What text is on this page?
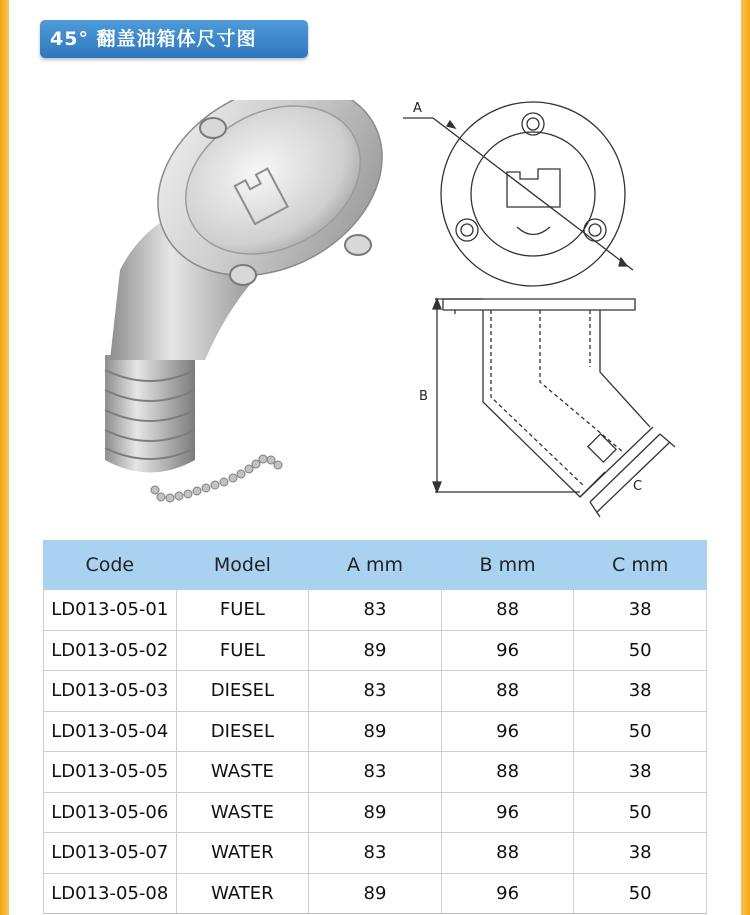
45° 翻盖油箱体尺寸图
A
B
C
Code	Model	A mm	B mm	C mm
LD013-05-01	FUEL	83	88	38
LD013-05-02	FUEL	89	96	50
LD013-05-03	DIESEL	83	88	38
LD013-05-04	DIESEL	89	96	50
LD013-05-05	WASTE	83	88	38
LD013-05-06	WASTE	89	96	50
LD013-05-07	WATER	83	88	38
LD013-05-08	WATER	89	96	50
